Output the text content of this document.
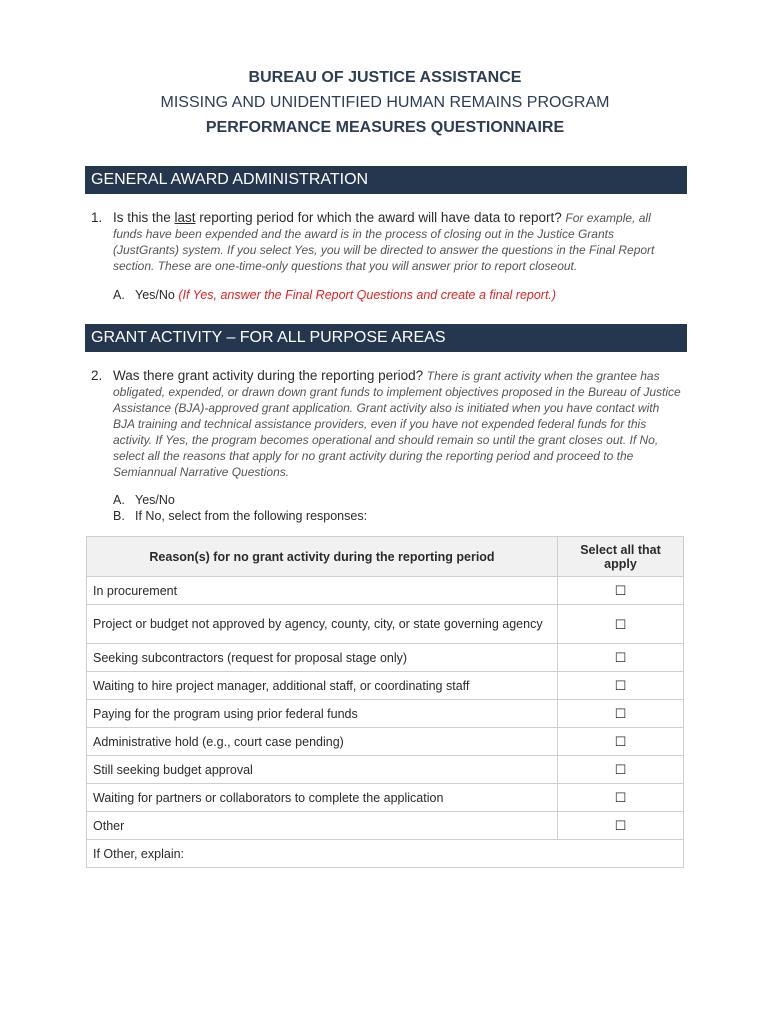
BUREAU OF JUSTICE ASSISTANCE
MISSING AND UNIDENTIFIED HUMAN REMAINS PROGRAM
PERFORMANCE MEASURES QUESTIONNAIRE
GENERAL AWARD ADMINISTRATION
1. Is this the last reporting period for which the award will have data to report? For example, all funds have been expended and the award is in the process of closing out in the Justice Grants (JustGrants) system. If you select Yes, you will be directed to answer the questions in the Final Report section. These are one-time-only questions that you will answer prior to report closeout.
A. Yes/No (If Yes, answer the Final Report Questions and create a final report.)
GRANT ACTIVITY – FOR ALL PURPOSE AREAS
2. Was there grant activity during the reporting period? There is grant activity when the grantee has obligated, expended, or drawn down grant funds to implement objectives proposed in the Bureau of Justice Assistance (BJA)-approved grant application. Grant activity also is initiated when you have contact with BJA training and technical assistance providers, even if you have not expended federal funds for this activity. If Yes, the program becomes operational and should remain so until the grant closes out. If No, select all the reasons that apply for no grant activity during the reporting period and proceed to the Semiannual Narrative Questions.
A. Yes/No
B. If No, select from the following responses:
Reason(s) for no grant activity during the reporting period	Select all that apply
In procurement	☐
Project or budget not approved by agency, county, city, or state governing agency	☐
Seeking subcontractors (request for proposal stage only)	☐
Waiting to hire project manager, additional staff, or coordinating staff	☐
Paying for the program using prior federal funds	☐
Administrative hold (e.g., court case pending)	☐
Still seeking budget approval	☐
Waiting for partners or collaborators to complete the application	☐
Other	☐
If Other, explain:	
